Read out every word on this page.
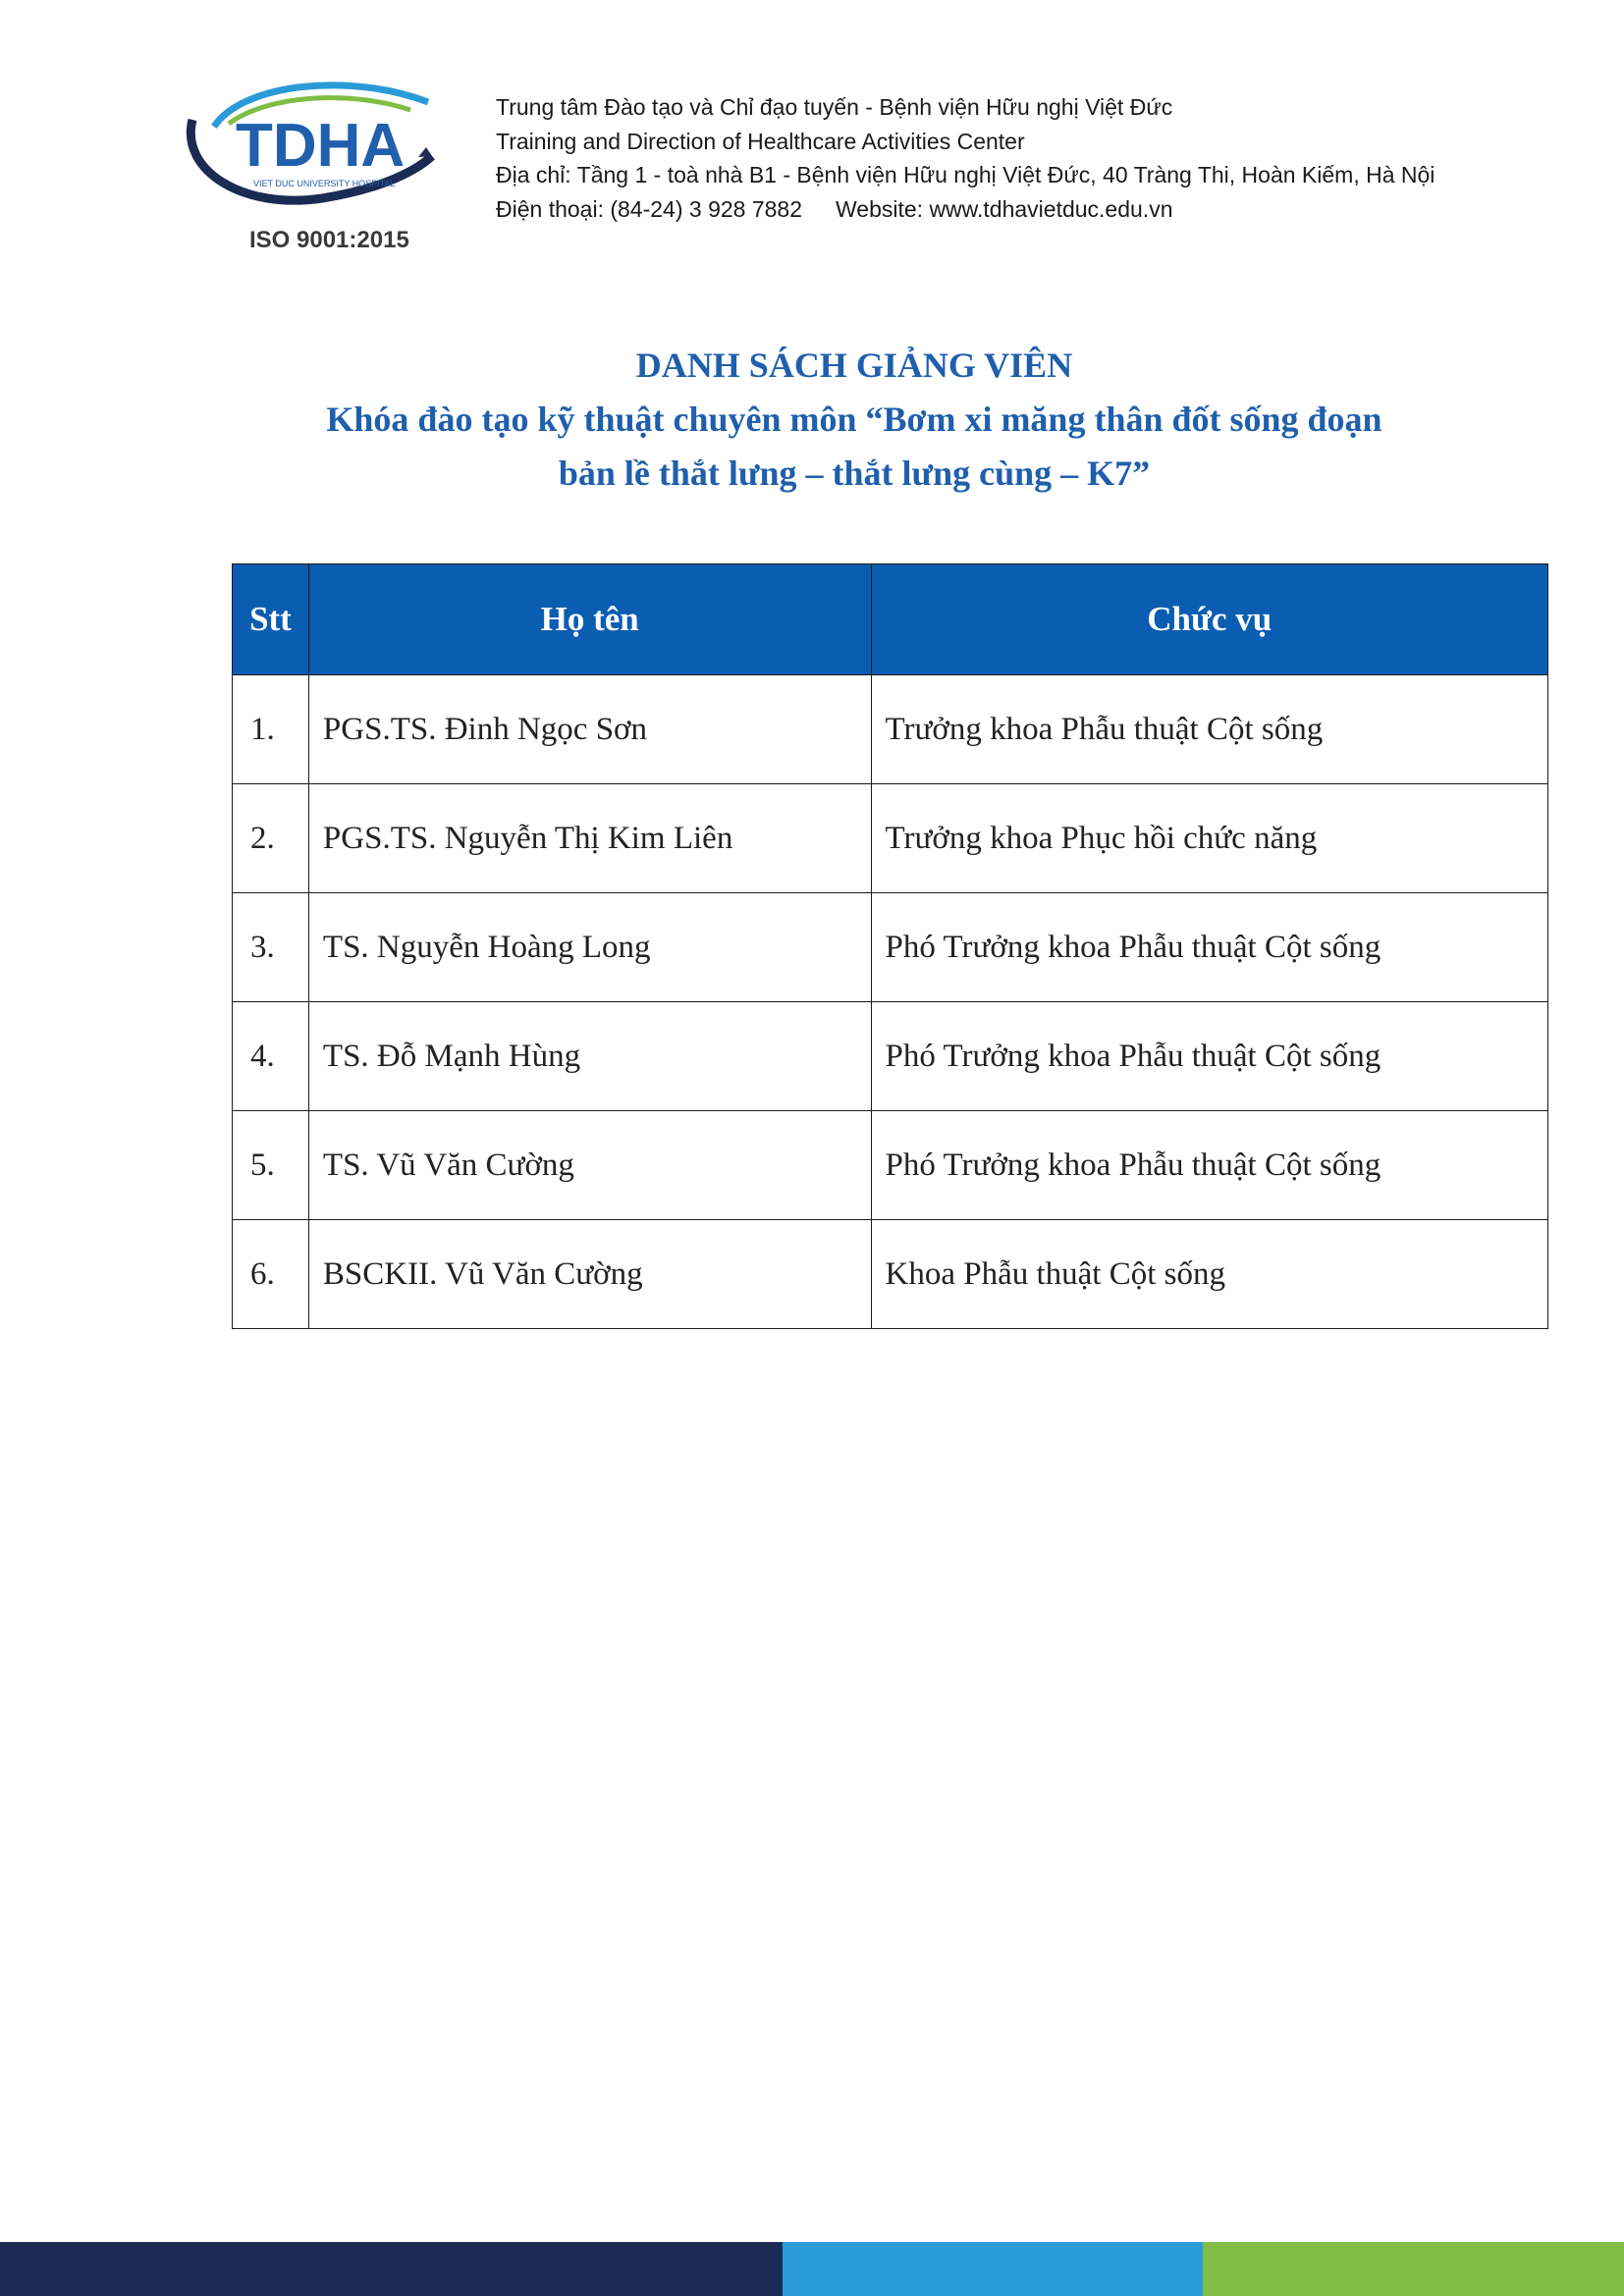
TDHA
VIET DUC UNIVERSITY HOSPITAL
ISO 9001:2015
Trung tâm Đào tạo và Chỉ đạo tuyến - Bệnh viện Hữu nghị Việt Đức
Training and Direction of Healthcare Activities Center
Địa chỉ: Tầng 1 - toà nhà B1 - Bệnh viện Hữu nghị Việt Đức, 40 Tràng Thi, Hoàn Kiếm, Hà Nội
Điện thoại: (84-24) 3 928 7882 Website: www.tdhavietduc.edu.vn
DANH SÁCH GIẢNG VIÊN
Khóa đào tạo kỹ thuật chuyên môn “Bơm xi măng thân đốt sống đoạn
bản lề thắt lưng – thắt lưng cùng – K7”
Stt	Họ tên	Chức vụ
1.	PGS.TS. Đinh Ngọc Sơn	Trưởng khoa Phẫu thuật Cột sống
2.	PGS.TS. Nguyễn Thị Kim Liên	Trưởng khoa Phục hồi chức năng
3.	TS. Nguyễn Hoàng Long	Phó Trưởng khoa Phẫu thuật Cột sống
4.	TS. Đỗ Mạnh Hùng	Phó Trưởng khoa Phẫu thuật Cột sống
5.	TS. Vũ Văn Cường	Phó Trưởng khoa Phẫu thuật Cột sống
6.	BSCKII. Vũ Văn Cường	Khoa Phẫu thuật Cột sống
